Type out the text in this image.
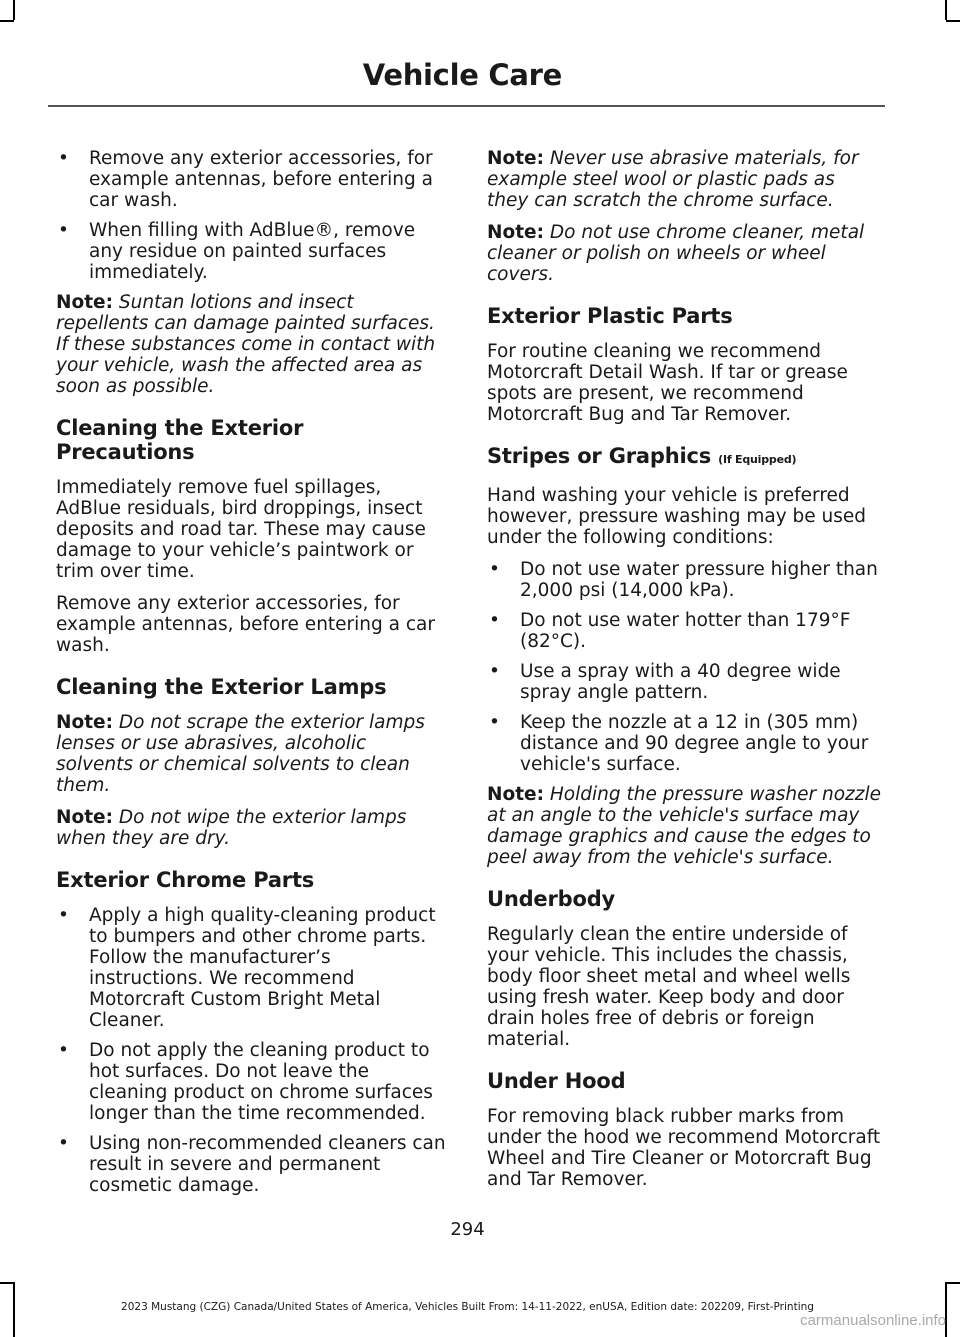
Vehicle Care
• Remove any exterior accessories, for example antennas, before entering a car wash.
• When filling with AdBlue®, remove any residue on painted surfaces immediately.
Note: Suntan lotions and insect repellents can damage painted surfaces. If these substances come in contact with your vehicle, wash the affected area as soon as possible.
Cleaning the Exterior Precautions
Immediately remove fuel spillages, AdBlue residuals, bird droppings, insect deposits and road tar. These may cause damage to your vehicle’s paintwork or trim over time.
Remove any exterior accessories, for example antennas, before entering a car wash.
Cleaning the Exterior Lamps
Note: Do not scrape the exterior lamps lenses or use abrasives, alcoholic solvents or chemical solvents to clean them.
Note: Do not wipe the exterior lamps when they are dry.
Exterior Chrome Parts
• Apply a high quality-cleaning product to bumpers and other chrome parts. Follow the manufacturer’s instructions. We recommend Motorcraft Custom Bright Metal Cleaner.
• Do not apply the cleaning product to hot surfaces. Do not leave the cleaning product on chrome surfaces longer than the time recommended.
• Using non-recommended cleaners can result in severe and permanent cosmetic damage.
Note: Never use abrasive materials, for example steel wool or plastic pads as they can scratch the chrome surface.
Note: Do not use chrome cleaner, metal cleaner or polish on wheels or wheel covers.
Exterior Plastic Parts
For routine cleaning we recommend Motorcraft Detail Wash. If tar or grease spots are present, we recommend Motorcraft Bug and Tar Remover.
Stripes or Graphics (If Equipped)
Hand washing your vehicle is preferred however, pressure washing may be used under the following conditions:
• Do not use water pressure higher than 2,000 psi (14,000 kPa).
• Do not use water hotter than 179°F (82°C).
• Use a spray with a 40 degree wide spray angle pattern.
• Keep the nozzle at a 12 in (305 mm) distance and 90 degree angle to your vehicle's surface.
Note: Holding the pressure washer nozzle at an angle to the vehicle's surface may damage graphics and cause the edges to peel away from the vehicle's surface.
Underbody
Regularly clean the entire underside of your vehicle. This includes the chassis, body floor sheet metal and wheel wells using fresh water. Keep body and door drain holes free of debris or foreign material.
Under Hood
For removing black rubber marks from under the hood we recommend Motorcraft Wheel and Tire Cleaner or Motorcraft Bug and Tar Remover.
294
2023 Mustang (CZG) Canada/United States of America, Vehicles Built From: 14-11-2022, enUSA, Edition date: 202209, First-Printing
carmanualsonline.info
